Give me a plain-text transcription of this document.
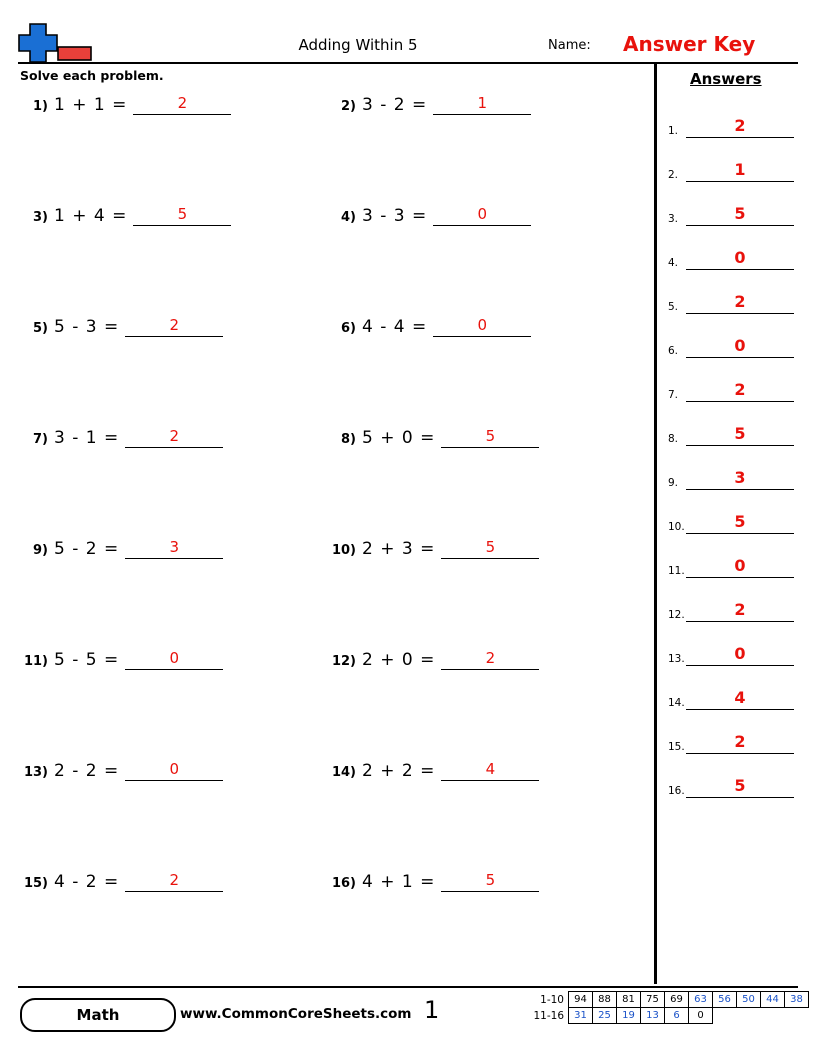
Adding Within 5	Name: Answer Key
Solve each problem.
1) 1 + 1 =	2	2) 3 - 2 =	1
3) 1 + 4 =	5	4) 3 - 3 =	0
5) 5 - 3 =	2	6) 4 - 4 =	0
7) 3 - 1 =	2	8) 5 + 0 =	5
9) 5 - 2 =	3	10) 2 + 3 =	5
11) 5 - 5 =	0	12) 2 + 0 =	2
13) 2 - 2 =	0	14) 2 + 2 =	4
15) 4 - 2 =	2	16) 4 + 1 =	5
Answers
1.	2
2.	1
3.	5
4.	0
5.	2
6.	0
7.	2
8.	5
9.	3
10.	5
11.	0
12.	2
13.	0
14.	4
15.	2
16.	5
Math	www.CommonCoreSheets.com 1	1-10	94	88	81	75	69	63	56	50	44	38
11-16	31	25	19	13	6	0				
